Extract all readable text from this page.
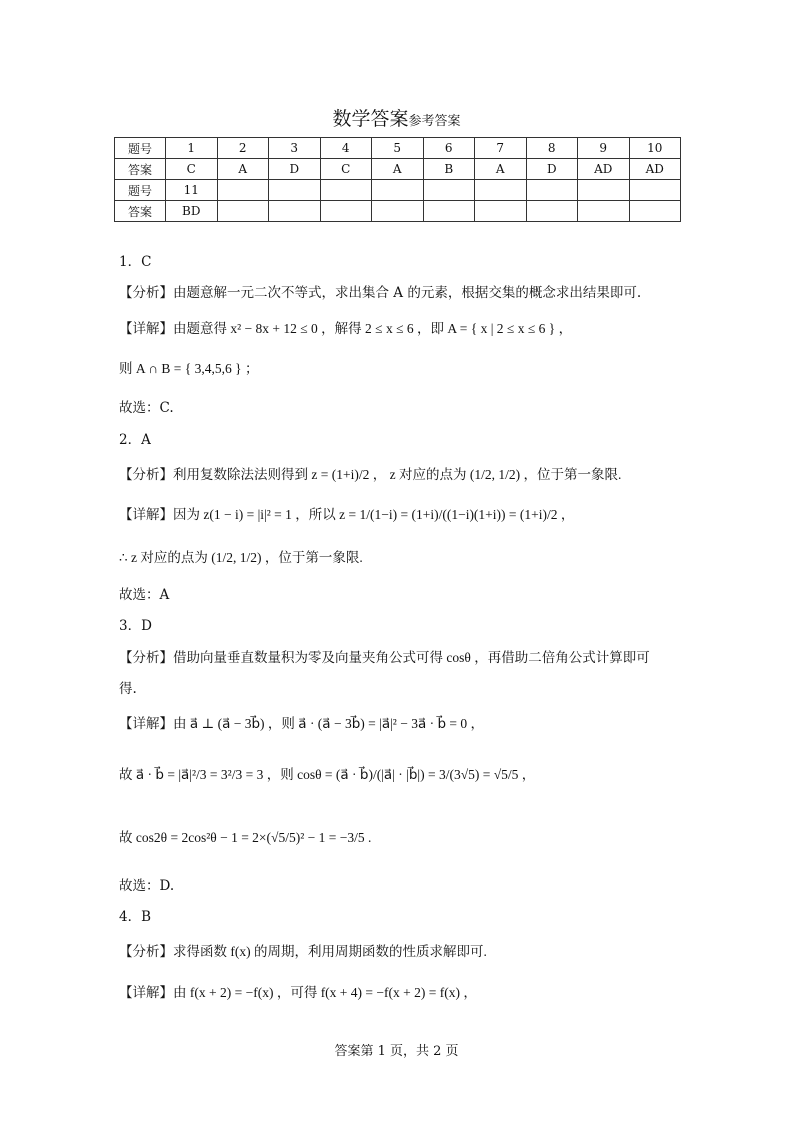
数学答案参考答案
题号	1	2	3	4	5	6	7	8	9	10
答案	C	A	D	C	A	B	A	D	AD	AD
题号	11									
答案	BD									
1．C
【分析】由题意解一元二次不等式，求出集合 A 的元素，根据交集的概念求出结果即可.
【详解】由题意得 x² − 8x + 12 ≤ 0 ，解得 2 ≤ x ≤ 6 ，即 A = { x | 2 ≤ x ≤ 6 } ，
则 A ∩ B = { 3,4,5,6 } ；
故选：C.
2．A
【分析】利用复数除法法则得到 z = (1+i)/2 ， z 对应的点为 (1/2, 1/2) ，位于第一象限.
【详解】因为 z(1 − i) = |i|² = 1 ，所以 z = 1/(1−i) = (1+i)/((1−i)(1+i)) = (1+i)/2 ，
∴ z 对应的点为 (1/2, 1/2) ，位于第一象限.
故选：A
3．D
【分析】借助向量垂直数量积为零及向量夹角公式可得 cosθ ，再借助二倍角公式计算即可
得.
【详解】由 a⃗ ⊥ (a⃗ − 3b⃗) ，则 a⃗ · (a⃗ − 3b⃗) = |a⃗|² − 3a⃗ · b⃗ = 0 ，
故 a⃗ · b⃗ = |a⃗|²/3 = 3²/3 = 3 ，则 cosθ = (a⃗ · b⃗)/(|a⃗| · |b⃗|) = 3/(3√5) = √5/5 ，
故 cos2θ = 2cos²θ − 1 = 2×(√5/5)² − 1 = −3/5 .
故选：D.
4．B
【分析】求得函数 f(x) 的周期，利用周期函数的性质求解即可.
【详解】由 f(x + 2) = −f(x) ，可得 f(x + 4) = −f(x + 2) = f(x) ，
答案第 1 页，共 2 页
